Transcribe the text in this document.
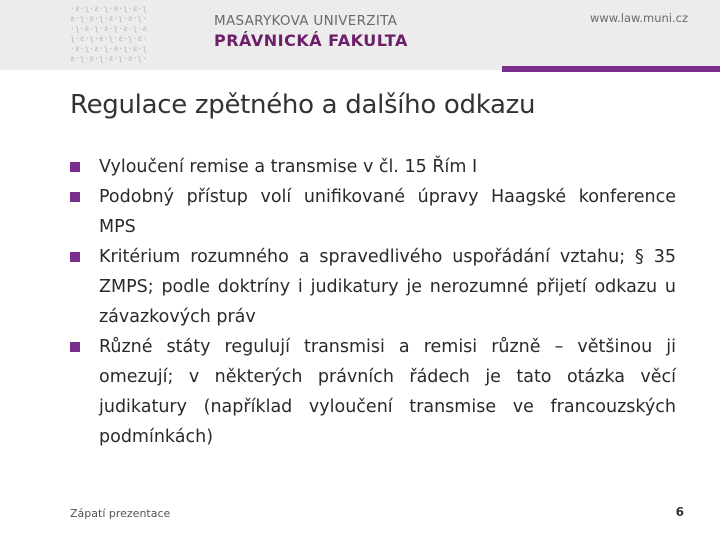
·ƨ·ʅ·ƨ·ʅ·ƨ·ʅ·ƨ·ʅ
ƨ·ʅ·ƨ·ʅ·ƨ·ʅ·ƨ·ʅ·
·ʅ·ƨ·ʅ·ƨ·ʅ·ƨ·ʅ·ƨ
ʅ·ƨ·ʅ·ƨ·ʅ·ƨ·ʅ·ƨ·
·ƨ·ʅ·ƨ·ʅ·ƨ·ʅ·ƨ·ʅ
ƨ·ʅ·ƨ·ʅ·ƨ·ʅ·ƨ·ʅ·
MASARYKOVA UNIVERZITA
PRÁVNICKÁ FAKULTA
www.law.muni.cz
Regulace zpětného a dalšího odkazu
Vyloučení remise a transmise v čl. 15 Řím I
Podobný přístup volí unifikované úpravy Haagské konference MPS
Kritérium rozumného a spravedlivého uspořádání vztahu; § 35 ZMPS; podle doktríny i judikatury je nerozumné přijetí odkazu u závazkových práv
Různé státy regulují transmisi a remisi různě – většinou ji omezují; v některých právních řádech je tato otázka věcí judikatury (například vyloučení transmise ve francouzských podmínkách)
Zápatí prezentace	6
